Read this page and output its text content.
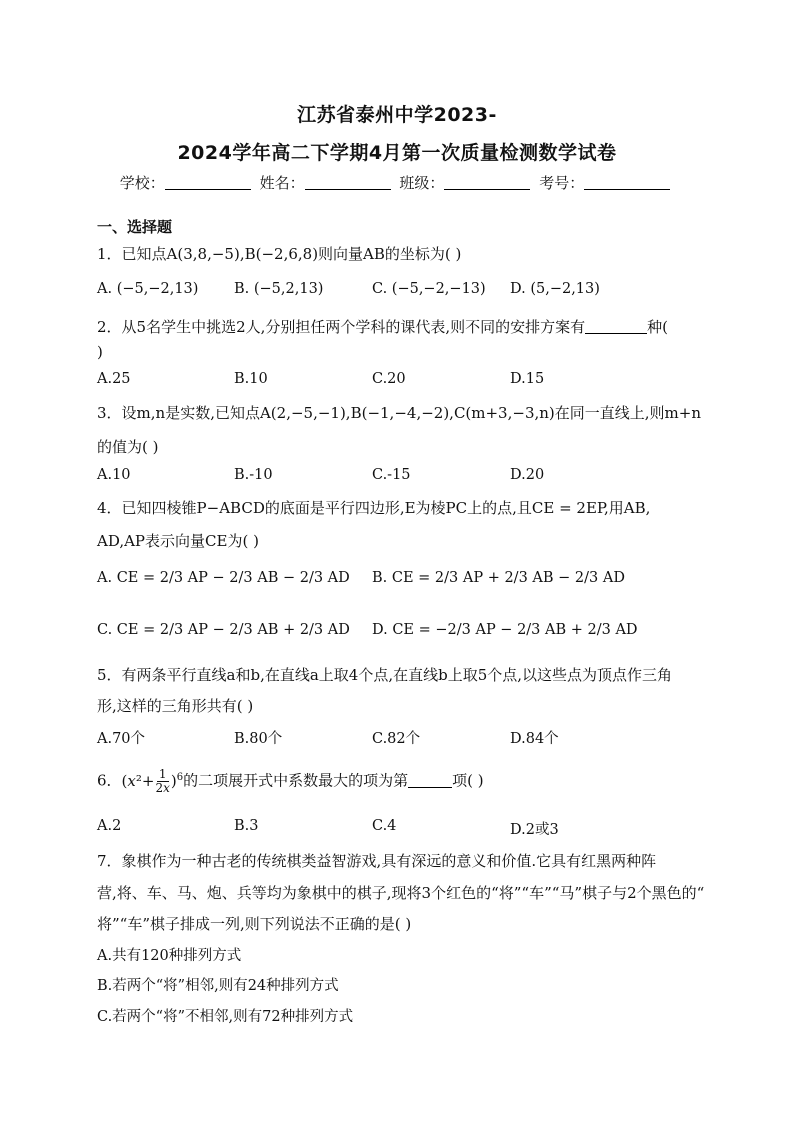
江苏省泰州中学2023-
2024学年高二下学期4月第一次质量检测数学试卷
学校：	姓名：	班级：	考号：
一、选择题
1．已知点A(3,8,−5),B(−2,6,8)则向量AB的坐标为( )
A. (−5,−2,13) B. (−5,2,13)	C. (−5,−2,−13) D. (5,−2,13)
2．从5名学生中挑选2人,分别担任两个学科的课代表,则不同的安排方案有	种(
)
A.25	B.10	C.20	D.15
3．设m,n是实数,已知点A(2,−5,−1),B(−1,−4,−2),C(m+3,−3,n)在同一直线上,则m+n
的值为( )
A.10	B.-10	C.-15	D.20
4．已知四棱锥P−ABCD的底面是平行四边形,E为棱PC上的点,且CE = 2EP,用AB,
AD,AP表示向量CE为( )
A. CE = 2/3 AP − 2/3 AB − 2/3 AD B. CE = 2/3 AP + 2/3 AB − 2/3 AD
C. CE = 2/3 AP − 2/3 AB + 2/3 AD D. CE = −2/3 AP − 2/3 AB + 2/3 AD
5．有两条平行直线a和b,在直线a上取4个点,在直线b上取5个点,以这些点为顶点作三角
形,这样的三角形共有( )
A.70个	B.80个	C.82个	D.84个
6．$(x^2+ \frac{1}{2x} )^6$的二项展开式中系数最大的项为第	项( )
A.2	B.3	C.4	D.2或3
7．象棋作为一种古老的传统棋类益智游戏,具有深远的意义和价值.它具有红黑两种阵
营,将、车、马、炮、兵等均为象棋中的棋子,现将3个红色的“将”“车”“马”棋子与2个黑色的“
将”“车”棋子排成一列,则下列说法不正确的是( )
A.共有120种排列方式
B.若两个“将”相邻,则有24种排列方式
C.若两个“将”不相邻,则有72种排列方式
